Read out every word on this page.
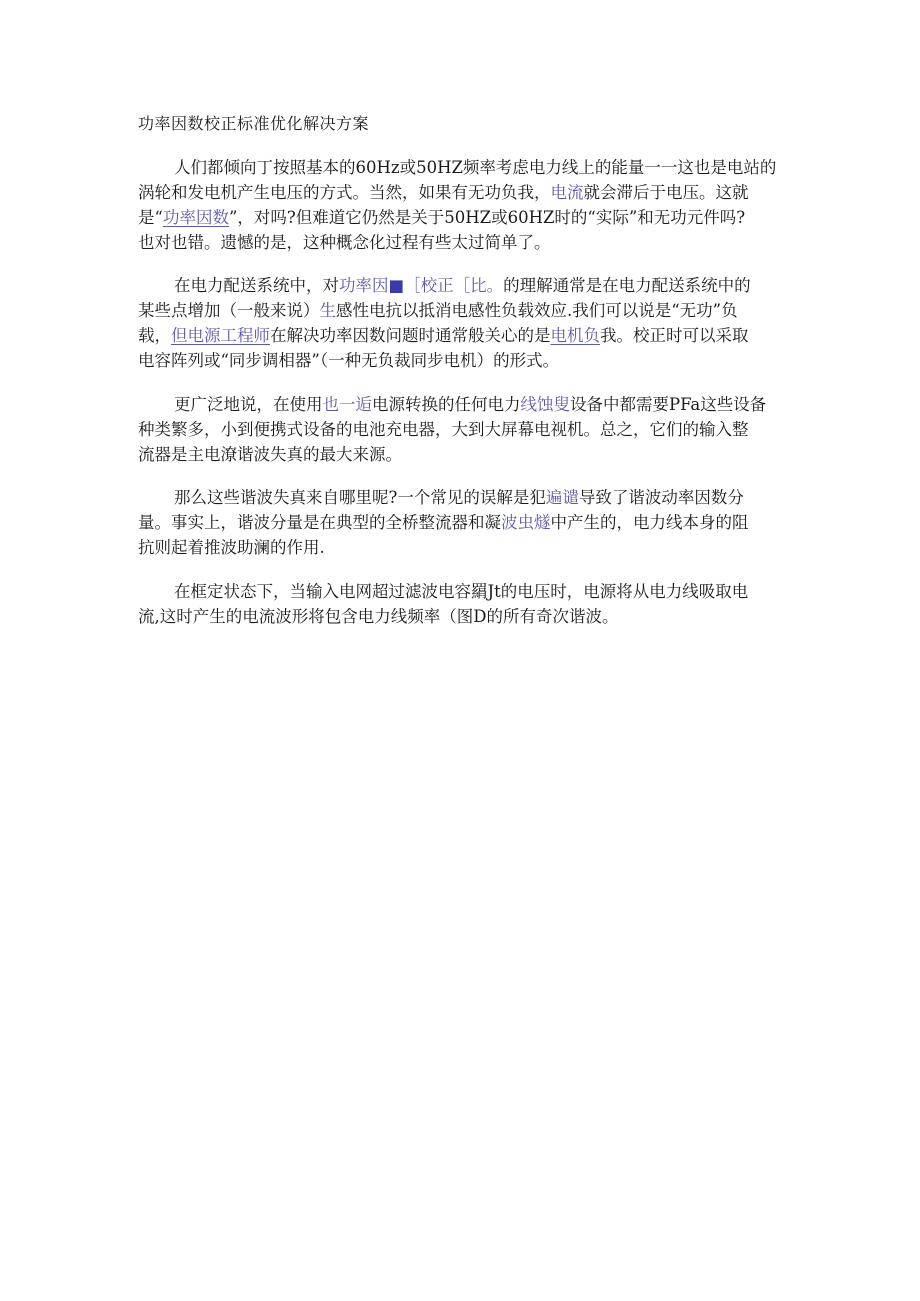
功率因数校正标准优化解决方案
人们都倾向丁按照基本的60Hz或50HZ频率考虑电力线上的能量一一这也是电站的
涡轮和发电机产生电压的方式。当然，如果有无功负我，电流就会滞后于电压。这就
是“功率因数”，对吗?但难道它仍然是关于50HZ或60HZ时的“实际”和无功元件吗?
也对也错。遗憾的是，这种概念化过程有些太过简单了。
在电力配送系统中，对功率因■［校正［比。的理解通常是在电力配送系统中的
某些点增加（一般来说）生感性电抗以抵消电感性负载效应.我们可以说是“无功”负
载，但电源工程师在解决功率因数问题时通常般关心的是电机负我。校正时可以采取
电容阵列或“同步调相器”（一种无负裁同步电机）的形式。
更广泛地说，在使用也一逅电源转换的任何电力线蚀叟设备中都需要PFa这些设备
种类繁多，小到便携式设备的电池充电器，大到大屏幕电视机。总之，它们的输入整
流器是主电潦谐波失真的最大来源。
那么这些谐波失真来自哪里呢?一个常见的误解是犯遍谴导致了谐波动率因数分
量。事实上，谐波分量是在典型的全桥整流器和凝波虫燧中产生的，电力线本身的阻
抗则起着推波助澜的作用.
在框定状态下，当输入电网超过滤波电容羂Jt的电压时，电源将从电力线吸取电
流,这时产生的电流波形将包含电力线频率（图D的所有奇次谐波。
